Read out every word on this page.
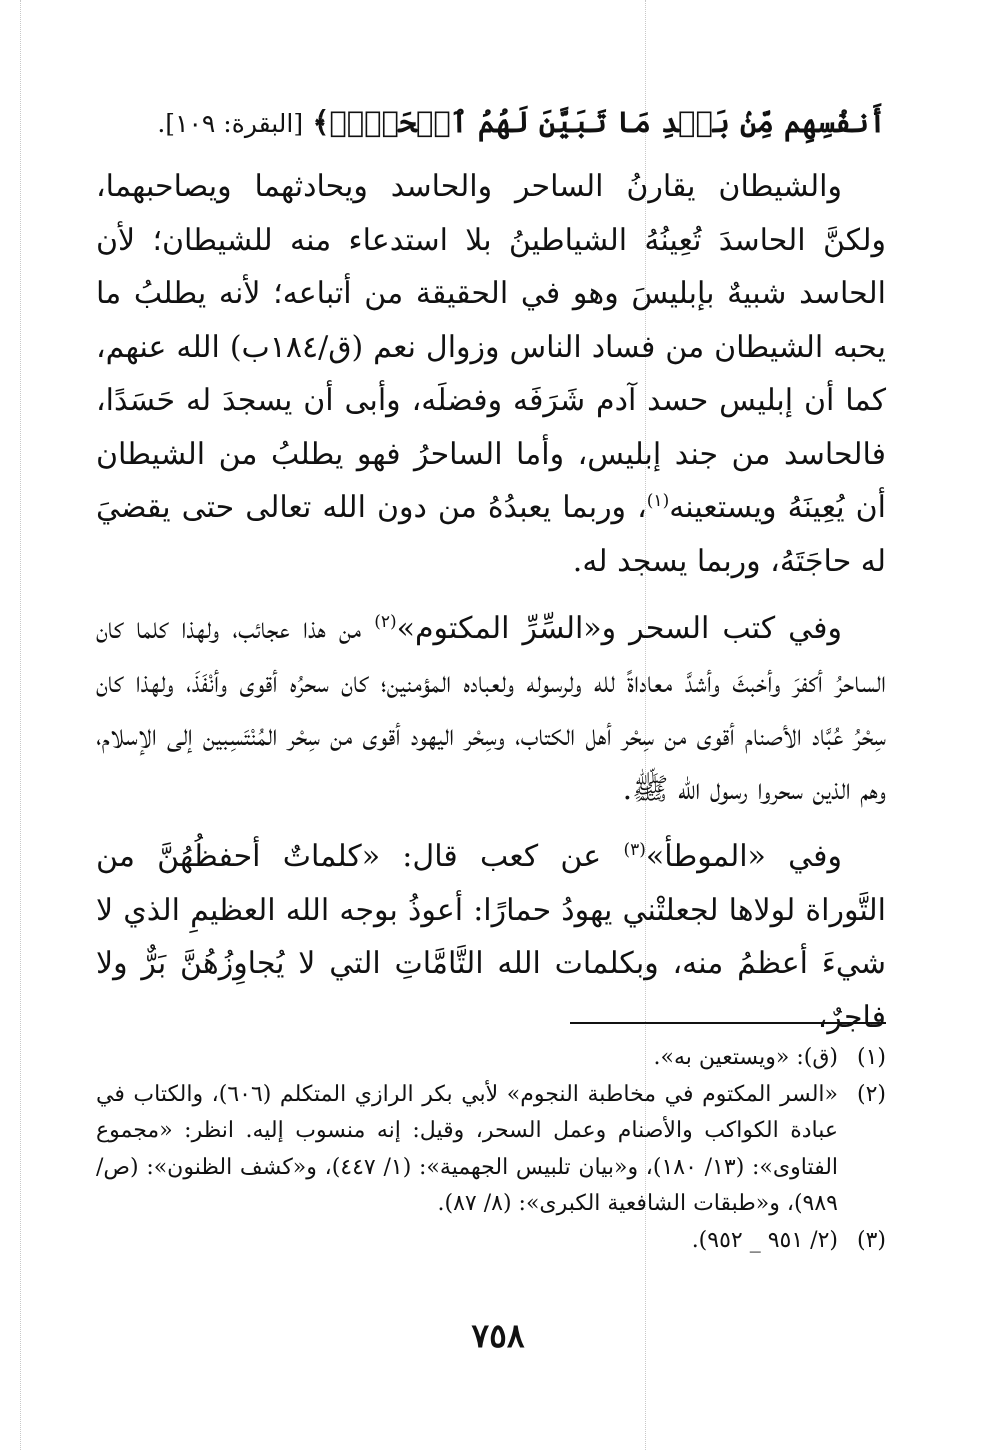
أَنفُسِهِم مِّنۢ بَعۡدِ مَا تَبَيَّنَ لَهُمُ ٱلۡحَقُّۖ﴾ [البقرة: ١٠٩].

والشيطان يقارنُ الساحر والحاسد ويحادثهما ويصاحبهما، ولكنَّ الحاسدَ تُعِينُهُ الشياطينُ بلا استدعاء منه للشيطان؛ لأن الحاسد شبيهٌ بإبليسَ وهو في الحقيقة من أتباعه؛ لأنه يطلبُ ما يحبه الشيطان من فساد الناس وزوال نعم (ق/١٨٤ب) الله عنهم، كما أن إبليس حسد آدم شَرَفَه وفضلَه، وأبى أن يسجدَ له حَسَدًا، فالحاسد من جند إبليس، وأما الساحرُ فهو يطلبُ من الشيطان أن يُعِينَهُ ويستعينه$^{(١)}$، وربما يعبدُهُ من دون الله تعالى حتى يقضيَ له حاجَتَهُ، وربما يسجد له.

وفي كتب السحر و«السِّرِّ المكتوم»$^{(٢)}$ من هذا عجائب، ولهذا كلما كان الساحرُ أكفرَ وأخبثَ وأشدَّ معاداةً لله ولرسوله ولعباده المؤمنين؛ كان سحرُه أقوى وأنْفَذَ، ولهذا كان سِحْرُ عُبَّاد الأصنام أقوى من سِحْر أهل الكتاب، وسِحْر اليهود أقوى من سِحْر المُنْتَسِبين إلى الإسلام، وهم الذين سحروا رسول الله ﷺ.

وفي «الموطأ»$^{(٣)}$ عن كعب قال: «كلماتٌ أحفظُهُنَّ من التَّوراة لولاها لجعلتْني يهودُ حمارًا: أعوذُ بوجه الله العظيمِ الذي لا شيءَ أعظمُ منه، وبكلمات الله التَّامَّاتِ التي لا يُجاوِزُهُنَّ بَرٌّ ولا فاجرٌ،

(١)
(ق): «ويستعين به».

(٢)
«السر المكتوم في مخاطبة النجوم» لأبي بكر الرازي المتكلم (٦٠٦)، والكتاب في عبادة الكواكب والأصنام وعمل السحر، وقيل: إنه منسوب إليه. انظر: «مجموع الفتاوى»: (١٣/ ١٨٠)، و«بيان تلبيس الجهمية»: (١/ ٤٤٧)، و«كشف الظنون»: (ص/ ٩٨٩)، و«طبقات الشافعية الكبرى»: (٨/ ٨٧).

(٣)
(٢/ ٩٥١ _ ٩٥٢).

٧٥٨
